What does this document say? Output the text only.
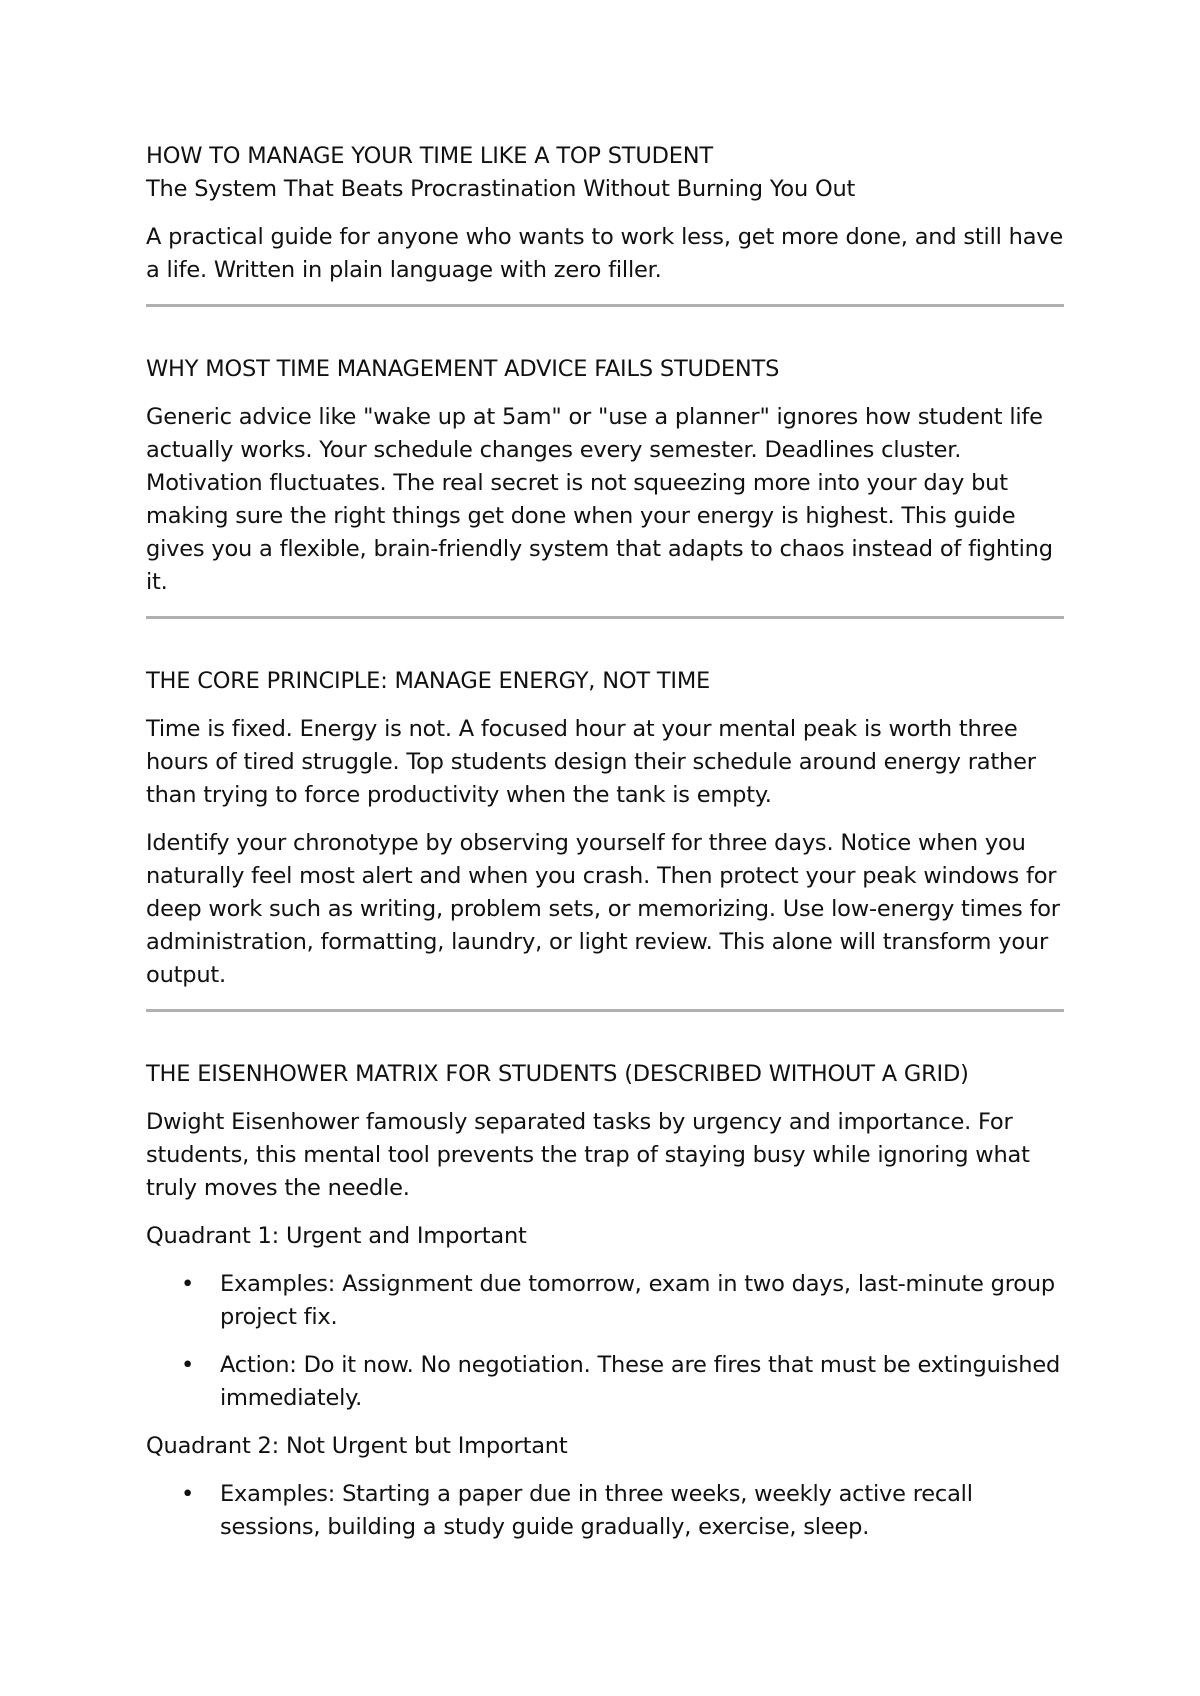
HOW TO MANAGE YOUR TIME LIKE A TOP STUDENT
The System That Beats Procrastination Without Burning You Out

A practical guide for anyone who wants to work less, get more done, and still have a life. Written in plain language with zero filler.

WHY MOST TIME MANAGEMENT ADVICE FAILS STUDENTS

Generic advice like "wake up at 5am" or "use a planner" ignores how student life actually works. Your schedule changes every semester. Deadlines cluster. Motivation fluctuates. The real secret is not squeezing more into your day but making sure the right things get done when your energy is highest. This guide gives you a flexible, brain-friendly system that adapts to chaos instead of fighting it.

THE CORE PRINCIPLE: MANAGE ENERGY, NOT TIME

Time is fixed. Energy is not. A focused hour at your mental peak is worth three hours of tired struggle. Top students design their schedule around energy rather than trying to force productivity when the tank is empty.

Identify your chronotype by observing yourself for three days. Notice when you naturally feel most alert and when you crash. Then protect your peak windows for deep work such as writing, problem sets, or memorizing. Use low-energy times for administration, formatting, laundry, or light review. This alone will transform your output.

THE EISENHOWER MATRIX FOR STUDENTS (DESCRIBED WITHOUT A GRID)

Dwight Eisenhower famously separated tasks by urgency and importance. For students, this mental tool prevents the trap of staying busy while ignoring what truly moves the needle.

Quadrant 1: Urgent and Important

• Examples: Assignment due tomorrow, exam in two days, last-minute group project fix.
• Action: Do it now. No negotiation. These are fires that must be extinguished immediately.

Quadrant 2: Not Urgent but Important

• Examples: Starting a paper due in three weeks, weekly active recall sessions, building a study guide gradually, exercise, sleep.
